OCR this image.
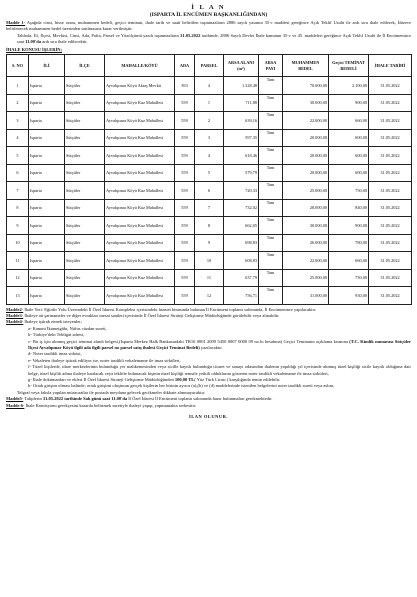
İ L A N
(ISPARTA İL ENCÜMEN BAŞKANLIĞINDAN)

Madde 1- Aşağıda cinsi, hisse oranı, muhammen bedeli, geçici teminatı, ihale tarih ve saati belirtilen taşınmazların 2886 sayılı yasanın 35-c maddesi gereğince Açık Teklif Usulü ile ardı sıra ihale edilerek, İdarece belirlenecek muhammen bedel üzerinden satılmasına karar verilmiştir.

Tabloda, İli, İlçesi, Mevkisi, Cinsi, Ada, Pafta, Parsel ve Yüzölçümü yazılı taşınmazların 31.05.2022 tarihinde, 2886 Sayılı Devlet İhale kanunun 35-c ve 45. maddeleri gereğince Açık Teklif Usulü ile İl Encümenince saat 11.00'da ardı sıra ihale edilecektir.

İHALE KONUSU İŞLERİN;
S. NO	İLİ	İLÇE	MAHALLE/KÖYÜ	ADA	PARSEL	ARSA ALANI (m²)	ARSA PAYI	MUHAMMEN BEDEL	Geçici TEMİNAT BEDELİ	İHALE TARİHİ
1	Isparta	Sütçüler	Ayvalıpınar Köyü Aktaş Mevkii	393	4	1.328,48	Tam	70.000,00	2.100,00	31.05.2022
2	Isparta	Sütçüler	Ayvalıpınar Köyü Kuz Mahallesi	559	1	711,88	Tam	30.000,00	900,00	31.05.2022
3	Isparta	Sütçüler	Ayvalıpınar Köyü Kuz Mahallesi	559	2	639,16	Tam	22.000,00	660,00	31.05.2022
4	Isparta	Sütçüler	Ayvalıpınar Köyü Kuz Mahallesi	559	3	597,35	Tam	20.000,00	600,00	31.05.2022
5	Isparta	Sütçüler	Ayvalıpınar Köyü Kuz Mahallesi	559	4	618,46	Tam	20.000,00	600,00	31.05.2022
6	Isparta	Sütçüler	Ayvalıpınar Köyü Kuz Mahallesi	559	5	579,79	Tam	20.000,00	600,00	31.05.2022
7	Isparta	Sütçüler	Ayvalıpınar Köyü Kuz Mahallesi	559	6	720,33	Tam	25.000,00	750,00	31.05.2022
8	Isparta	Sütçüler	Ayvalıpınar Köyü Kuz Mahallesi	559	7	732,02	Tam	28.000,00	840,00	31.05.2022
9	Isparta	Sütçüler	Ayvalıpınar Köyü Kuz Mahallesi	559	8	662,05	Tam	30.000,00	900,00	31.05.2022
10	Isparta	Sütçüler	Ayvalıpınar Köyü Kuz Mahallesi	559	9	698,83	Tam	26.000,00	780,00	31.05.2022
11	Isparta	Sütçüler	Ayvalıpınar Köyü Kuz Mahallesi	559	10	608,83	Tam	22.000,00	660,00	31.05.2022
12	Isparta	Sütçüler	Ayvalıpınar Köyü Kuz Mahallesi	559	11	637,79	Tam	25.000,00	750,00	31.05.2022
13	Isparta	Sütçüler	Ayvalıpınar Köyü Kuz Mahallesi	559	12	756,71	Tam	31.000,00	930,00	31.05.2022

Madde2- İhale Yeri: Eğirdir Yolu Üzerindeki İl Özel İdaresi Kompleksi içerisindeki hizmet binasında bulunan İl Encümeni toplantı salonunda, İl Encümenince yapılacaktır.

Madde3- İhaleye ait şartnameler ve diğer evrakları mesai saatleri içerisinde İl Özel İdaresi Strateji Geliştirme Müdürlüğünde görülebilir veya alınabilir.

Madde4- İhaleye iştirak etmek isteyenler;

a- Kanuni İkametgâhı, Nüfus cüzdan sureti,
b- Türkiye'deki Tebligat adresi,
c- Bu iş için alınmış geçici teminat alındı belgesi,(Isparta Merkez Halk Bankasındaki TR16 0001 2009 5450 0007 0000 09 no.lu hesabına) Geçici Teminatın açıklama kısmına (T.C. Kimlik numarası Sütçüler İlçesi Ayvalıpınar Köyü ilgili ada ilgili parsel no parsel satış ihalesi Geçici Teminat Bedeli) yazılacaktır.
d- Noter tasdikli imza sirküsi,
e- Vekaleten ihaleye iştirak ediliyor ise, noter tasdikli vekaletname ile imza sirkü̈leri,
f- Tüzel kişilerde, idare merkezlerinin bulunduğu yer mahkemesinden veya sicille kayıtlı bulunduğu ticaret ve sanayi odasından ihalenin yapıldığı yıl içerisinde alınmış tüzel kişiliği sicile kayıtlı olduğuna dair belge, tüzel kişilik adına ihaleye katılacak veya teklifte bulunacak kişinin tüzel kişiliği temsile yetkili olduklarını gösteren noter tasdikli vekaletname ile imza sirküleri,
g- İhale dokümanları ve ekleri İl Özel İdaresi Strateji Geliştirme Müdürlüğünden 100,00 TL( Yüz Türk Lirası ) karşılığında temin edilebilir.
h- Ortak girişim olması halinde; ortak girişimi oluşturan gerçek kişilerin her birinin ayrıca (a),(b) ve (d) maddelerinde istenilen belgelerini noter tasdikli sureti veya aslını,

Telgraf veya faksla yapılan müracaatlar ile postada meydana gelecek gecikmeler dikkate alınmayacaktır.

Madde5- Taliplerin 31.05.2022 tarihinde Salı günü saat 11.00'da İl Özel İdaresi İl Encümeni toplantı salonunda hazır bulunmaları gerekmektedir.

Madde 6- İhale Komisyonu gerekçesini kararda belirtmek suretiyle ihaleyi yapıp, yapmamakta serbesttir.

İLAN OLUNUR.
